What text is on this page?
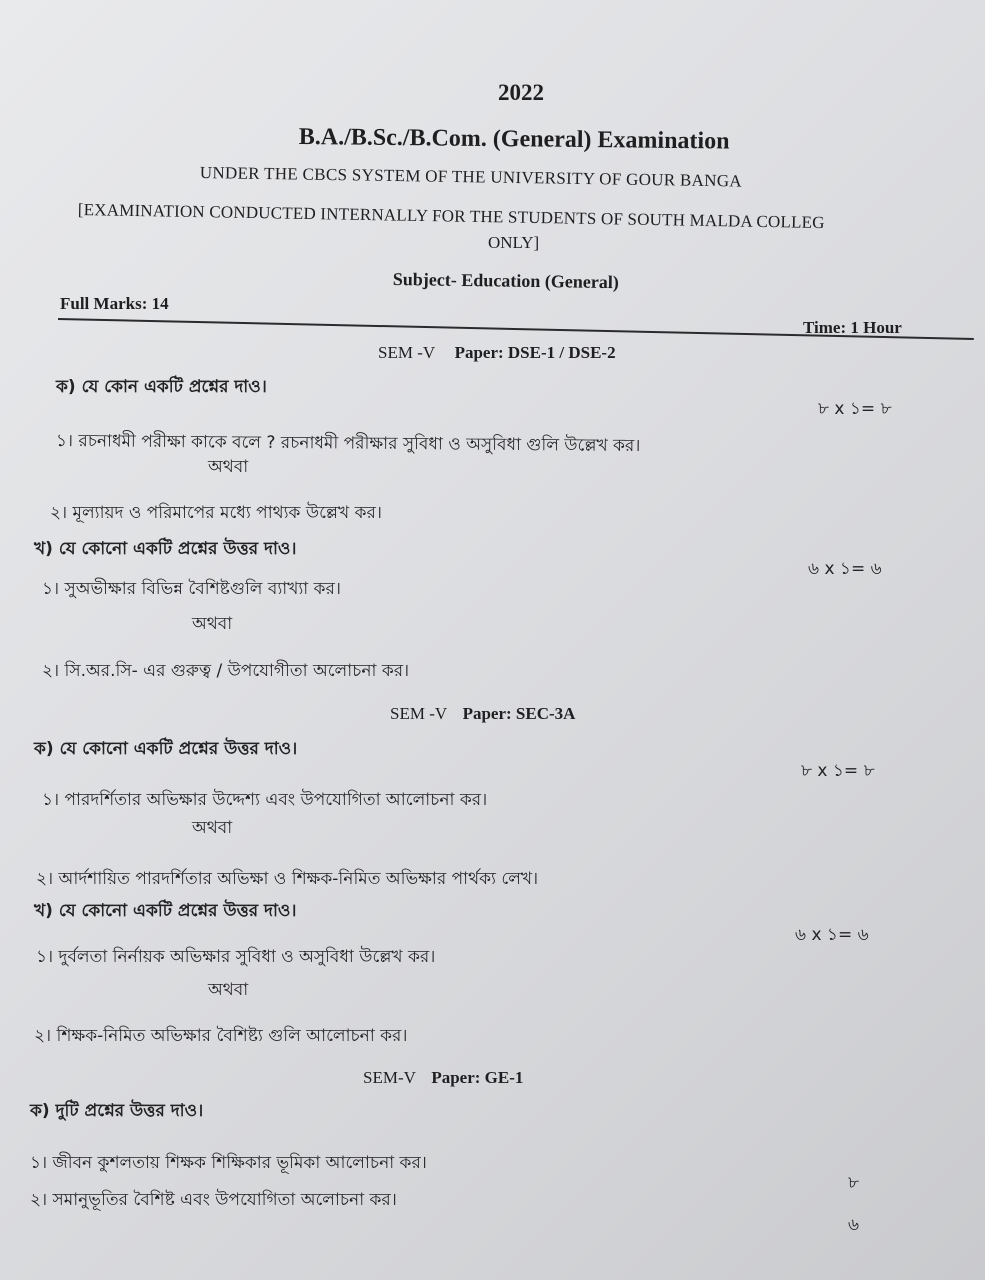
2022
B.A./B.Sc./B.Com. (General) Examination
UNDER THE CBCS SYSTEM OF THE UNIVERSITY OF GOUR BANGA
[EXAMINATION CONDUCTED INTERNALLY FOR THE STUDENTS OF SOUTH MALDA COLLEG
ONLY]
Subject- Education (General)
Full Marks: 14
Time: 1 Hour
SEM -V Paper: DSE-1 / DSE-2
ক) যে কোন একটি প্রশ্নের দাও।
৮ x ১= ৮
১। রচনাধমী পরীক্ষা কাকে বলে ? রচনাধমী পরীক্ষার সুবিধা ও অসুবিধা গুলি উল্লেখ কর।
অথবা
২। মূল্যায়দ ও পরিমাপের মধ্যে পাথ্যক উল্লেখ কর।
খ) যে কোনো একটি প্রশ্নের উত্তর দাও।
৬ x ১= ৬
১। সুঅভীক্ষার বিভিন্ন বৈশিষ্টগুলি ব্যাখ্যা কর।
অথবা
২। সি.অর.সি- এর গুরুত্ব / উপযোগীতা অলোচনা কর।
SEM -V Paper: SEC-3A
ক) যে কোনো একটি প্রশ্নের উত্তর দাও।
৮ x ১= ৮
১। পারদর্শিতার অভিক্ষার উদ্দেশ্য এবং উপযোগিতা আলোচনা কর।
অথবা
২। আর্দশায়িত পারদর্শিতার অভিক্ষা ও শিক্ষক-নিমিত অভিক্ষার পার্থক্য লেখ।
খ) যে কোনো একটি প্রশ্নের উত্তর দাও।
৬ x ১= ৬
১। দুর্বলতা নির্নায়ক অভিক্ষার সুবিধা ও অসুবিধা উল্লেখ কর।
অথবা
২। শিক্ষক-নিমিত অভিক্ষার বৈশিষ্ট্য গুলি আলোচনা কর।
SEM-V Paper: GE-1
ক) দুটি প্রশ্নের উত্তর দাও।
১। জীবন কুশলতায় শিক্ষক শিক্ষিকার ভূমিকা আলোচনা কর।
৮
২। সমানুভূতির বৈশিষ্ট এবং উপযোগিতা অলোচনা কর।
৬
